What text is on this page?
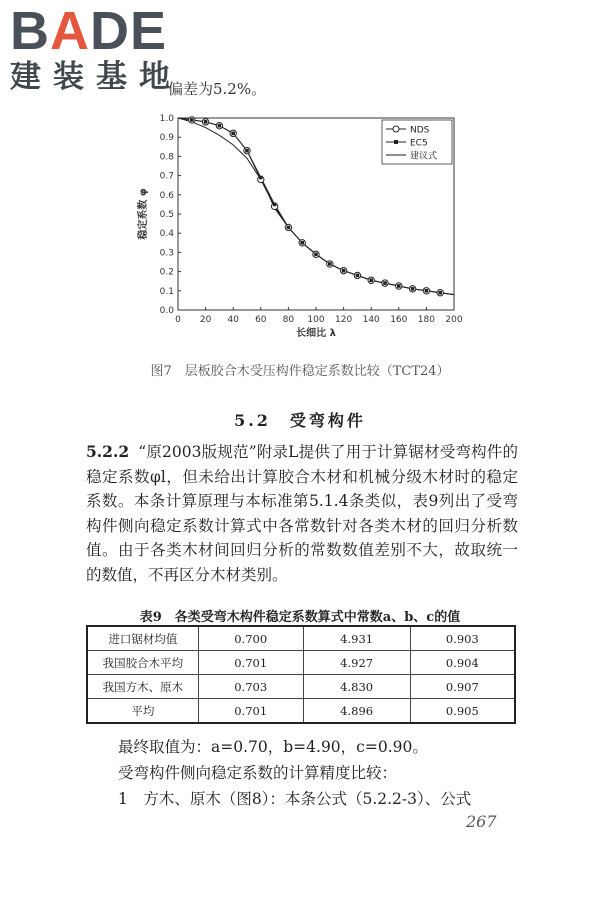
BADE
建装基地
偏差为5.2%。
0 20 40 60 80 100 120 140 160 180 200
0.0
0.1
0.2
0.3
0.4
0.5
0.6
0.7
0.8
0.9
1.0
长细比 λ
稳定系数 φ
NDS
EC5
建议式
图7　层板胶合木受压构件稳定系数比较（TCT24）
5.2　受弯构件
5.2.2 “原2003版规范”附录L提供了用于计算锯材受弯构件的稳定系数φl，但未给出计算胶合木材和机械分级木材时的稳定系数。本条计算原理与本标准第5.1.4条类似，表9列出了受弯构件侧向稳定系数计算式中各常数针对各类木材的回归分析数值。由于各类木材间回归分析的常数数值差别不大，故取统一的数值，不再区分木材类别。
表9　各类受弯木构件稳定系数算式中常数a、b、c的值
进口锯材均值	0.700	4.931	0.903
我国胶合木平均	0.701	4.927	0.904
我国方木、原木	0.703	4.830	0.907
平均	0.701	4.896	0.905
最终取值为：a=0.70，b=4.90，c=0.90。
受弯构件侧向稳定系数的计算精度比较：
1　方木、原木（图8）：本条公式（5.2.2-3）、公式
267
